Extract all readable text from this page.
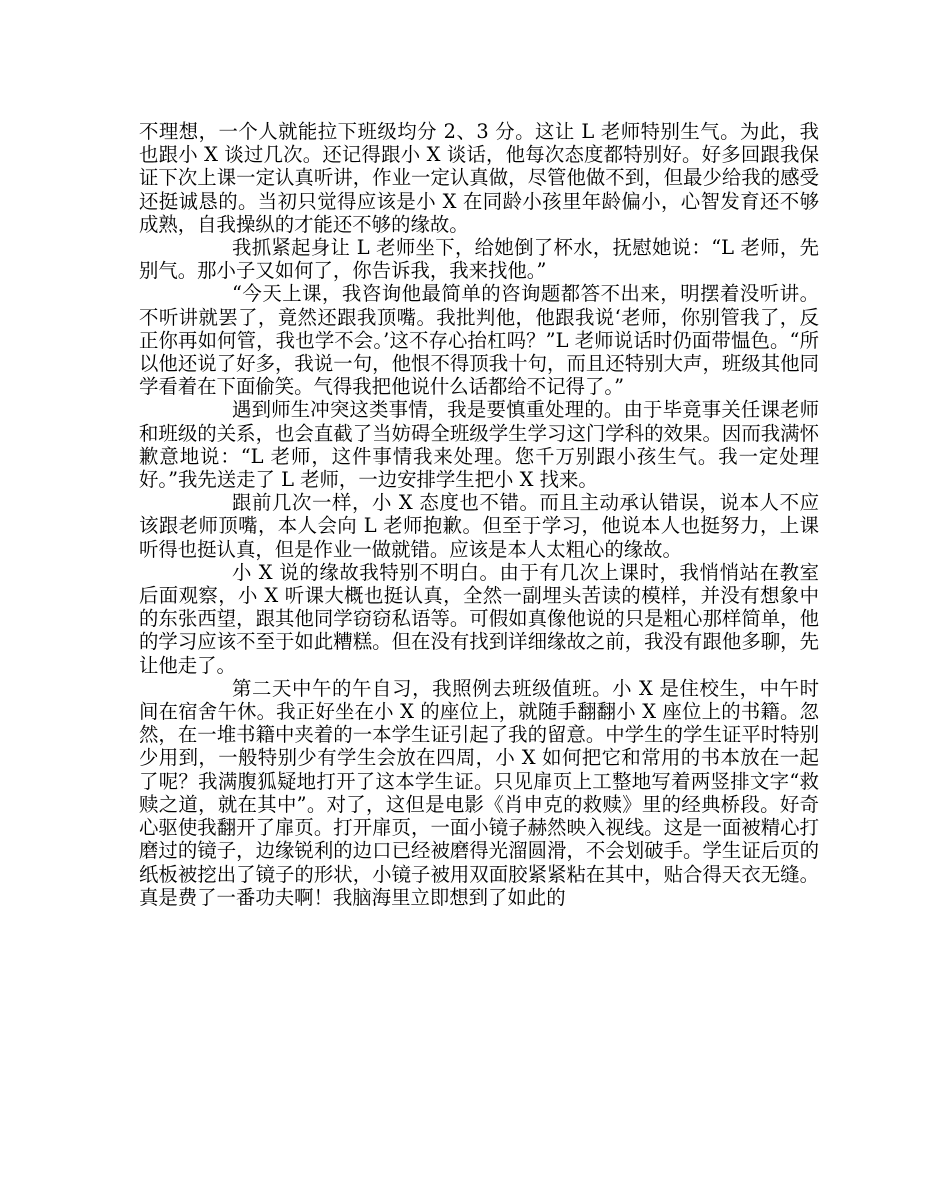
不理想，一个人就能拉下班级均分 2、3 分。这让 L 老师特别生气。为此，我也跟小 X 谈过几次。还记得跟小 X 谈话，他每次态度都特别好。好多回跟我保证下次上课一定认真听讲，作业一定认真做，尽管他做不到，但最少给我的感受还挺诚恳的。当初只觉得应该是小 X 在同龄小孩里年龄偏小，心智发育还不够成熟，自我操纵的才能还不够的缘故。

我抓紧起身让 L 老师坐下，给她倒了杯水，抚慰她说：“L 老师，先别气。那小子又如何了，你告诉我，我来找他。”

“今天上课，我咨询他最简单的咨询题都答不出来，明摆着没听讲。不听讲就罢了，竟然还跟我顶嘴。我批判他，他跟我说‘老师，你别管我了，反正你再如何管，我也学不会。’这不存心抬杠吗？”L 老师说话时仍面带愠色。“所以他还说了好多，我说一句，他恨不得顶我十句，而且还特别大声，班级其他同学看着在下面偷笑。气得我把他说什么话都给不记得了。”

遇到师生冲突这类事情，我是要慎重处理的。由于毕竟事关任课老师和班级的关系，也会直截了当妨碍全班级学生学习这门学科的效果。因而我满怀歉意地说：“L 老师，这件事情我来处理。您千万别跟小孩生气。我一定处理好。”我先送走了 L 老师，一边安排学生把小 X 找来。

跟前几次一样，小 X 态度也不错。而且主动承认错误，说本人不应该跟老师顶嘴，本人会向 L 老师抱歉。但至于学习，他说本人也挺努力，上课听得也挺认真，但是作业一做就错。应该是本人太粗心的缘故。

小 X 说的缘故我特别不明白。由于有几次上课时，我悄悄站在教室后面观察，小 X 听课大概也挺认真，全然一副埋头苦读的模样，并没有想象中的东张西望，跟其他同学窃窃私语等。可假如真像他说的只是粗心那样简单，他的学习应该不至于如此糟糕。但在没有找到详细缘故之前，我没有跟他多聊，先让他走了。

第二天中午的午自习，我照例去班级值班。小 X 是住校生，中午时间在宿舍午休。我正好坐在小 X 的座位上，就随手翻翻小 X 座位上的书籍。忽然，在一堆书籍中夹着的一本学生证引起了我的留意。中学生的学生证平时特别少用到，一般特别少有学生会放在四周，小 X 如何把它和常用的书本放在一起了呢？我满腹狐疑地打开了这本学生证。只见扉页上工整地写着两竖排文字“救赎之道，就在其中”。对了，这但是电影《肖申克的救赎》里的经典桥段。好奇心驱使我翻开了扉页。打开扉页，一面小镜子赫然映入视线。这是一面被精心打磨过的镜子，边缘锐利的边口已经被磨得光溜圆滑，不会划破手。学生证后页的纸板被挖出了镜子的形状，小镜子被用双面胶紧紧粘在其中，贴合得天衣无缝。真是费了一番功夫啊！我脑海里立即想到了如此的
